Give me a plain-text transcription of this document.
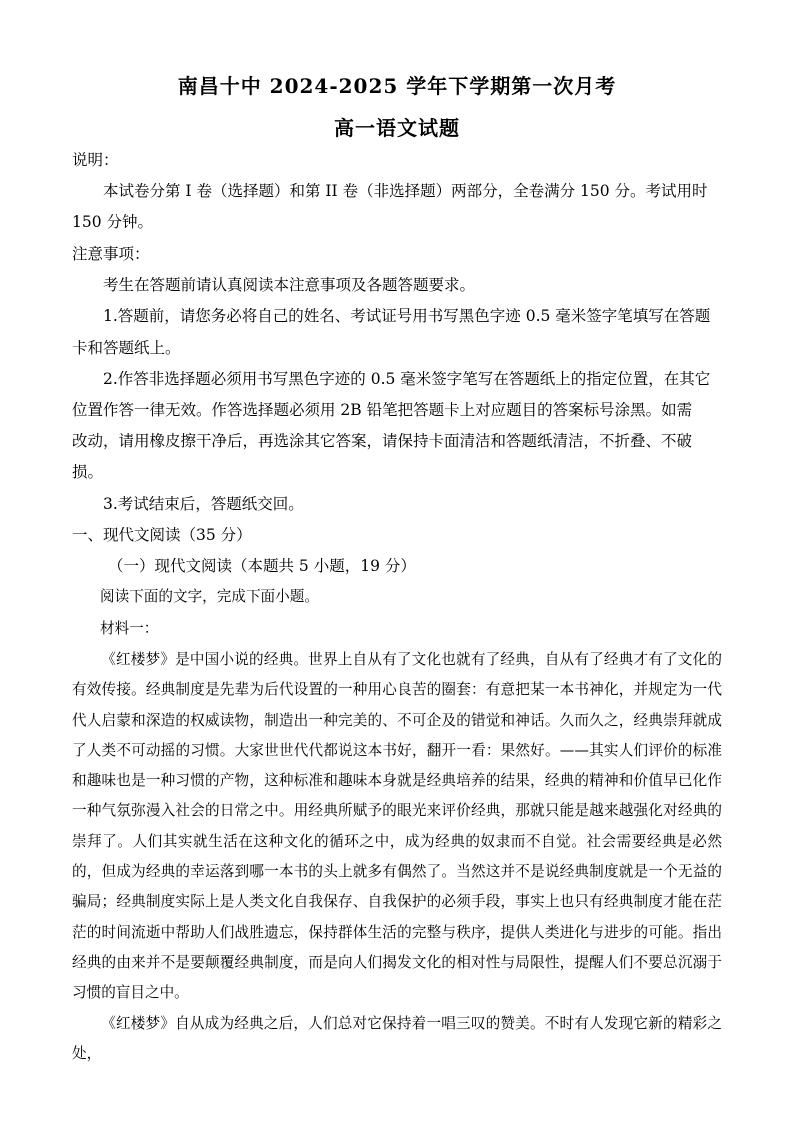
南昌十中 2024-2025 学年下学期第一次月考
高一语文试题
说明：
本试卷分第 I 卷（选择题）和第 II 卷（非选择题）两部分，全卷满分 150 分。考试用时
150 分钟。
注意事项：
考生在答题前请认真阅读本注意事项及各题答题要求。
1.答题前，请您务必将自己的姓名、考试证号用书写黑色字迹 0.5 毫米签字笔填写在答题
卡和答题纸上。
2.作答非选择题必须用书写黑色字迹的 0.5 毫米签字笔写在答题纸上的指定位置，在其它
位置作答一律无效。作答选择题必须用 2B 铅笔把答题卡上对应题目的答案标号涂黑。如需
改动，请用橡皮擦干净后，再选涂其它答案，请保持卡面清洁和答题纸清洁，不折叠、不破
损。
3.考试结束后，答题纸交回。
一、现代文阅读（35 分）
（一）现代文阅读（本题共 5 小题，19 分）
阅读下面的文字，完成下面小题。
材料一：

《红楼梦》是中国小说的经典。世界上自从有了文化也就有了经典，自从有了经典才有了文化的有效传接。经典制度是先辈为后代设置的一种用心良苦的圈套：有意把某一本书神化，并规定为一代代人启蒙和深造的权威读物，制造出一种完美的、不可企及的错觉和神话。久而久之，经典崇拜就成了人类不可动摇的习惯。大家世世代代都说这本书好，翻开一看：果然好。——其实人们评价的标准和趣味也是一种习惯的产物，这种标准和趣味本身就是经典培养的结果，经典的精神和价值早已化作一种气氛弥漫入社会的日常之中。用经典所赋予的眼光来评价经典，那就只能是越来越强化对经典的崇拜了。人们其实就生活在这种文化的循环之中，成为经典的奴隶而不自觉。社会需要经典是必然的，但成为经典的幸运落到哪一本书的头上就多有偶然了。当然这并不是说经典制度就是一个无益的骗局；经典制度实际上是人类文化自我保存、自我保护的必须手段，事实上也只有经典制度才能在茫茫的时间流逝中帮助人们战胜遗忘，保持群体生活的完整与秩序，提供人类进化与进步的可能。指出经典的由来并不是要颠覆经典制度，而是向人们揭发文化的相对性与局限性，提醒人们不要总沉溺于习惯的盲目之中。

《红楼梦》自从成为经典之后，人们总对它保持着一唱三叹的赞美。不时有人发现它新的精彩之处，
